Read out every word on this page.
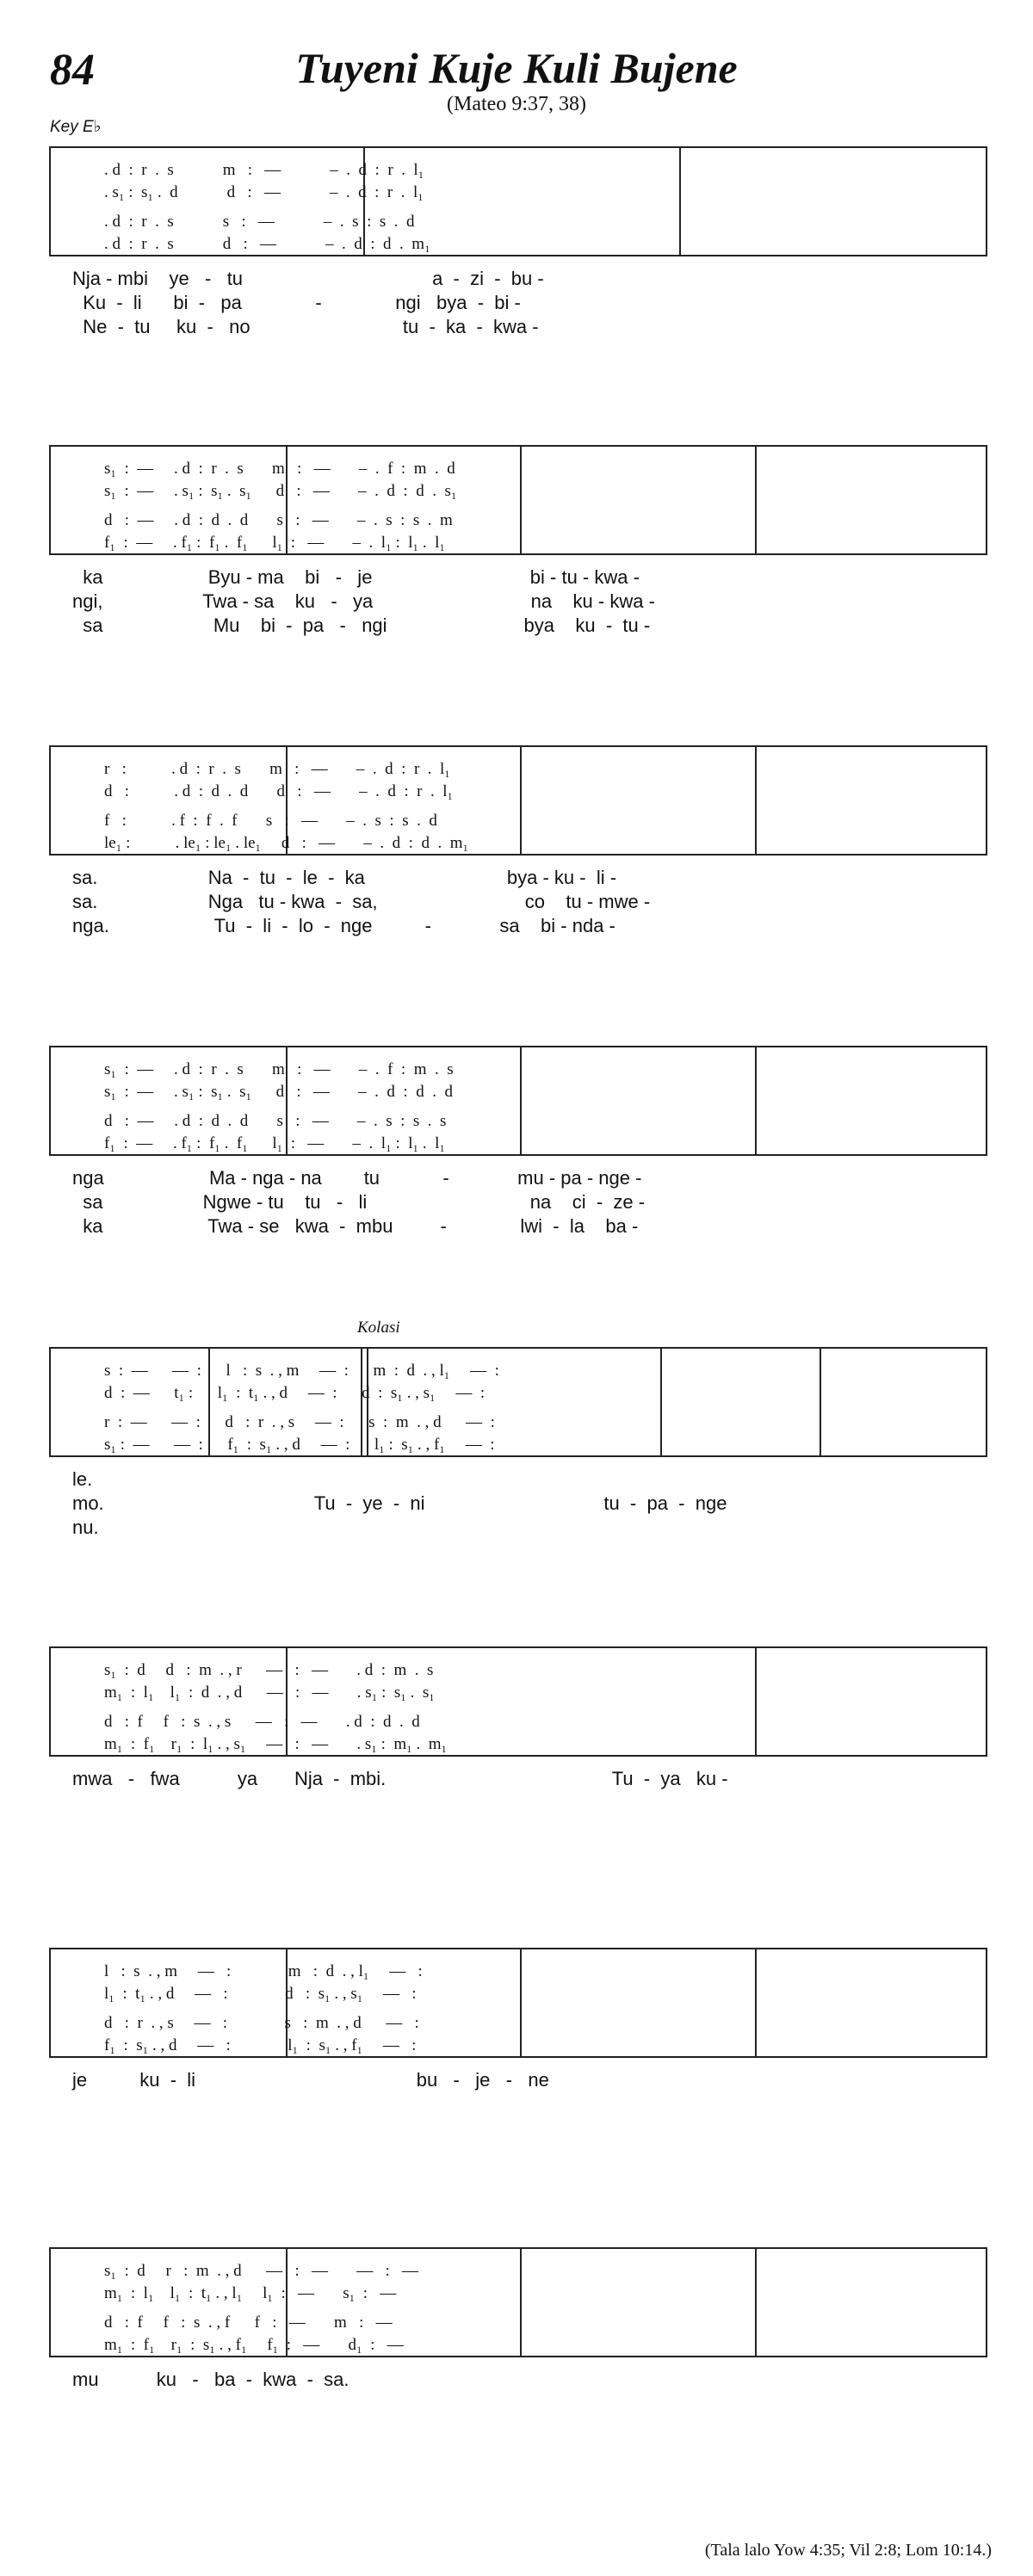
84	Tuyeni Kuje Kuli Bujene
(Mateo 9:37, 38)
Key E♭
Kolasi
(Tala lalo Yow 4:35; Vil 2:8; Lom 10:14.)
. d  :  r  .  s            m   :   —            –  .  d  :  r  .  l₁
. s₁ :  s₁ .  d            d   :   —            –  .  d  :  r  .  l₁
. d  :  r  .  s            s   :   —            –  .  s  :  s  .  d
. d  :  r  .  s            d   :   —            –  .  d  :  d  .  m₁
Nja - mbi    ye   -   tu                                    a  -  zi  -  bu -
Ku  -  li      bi  -   pa              -              ngi   bya  -  bi -
Ne  -  tu     ku  -   no                             tu  -  ka  -  kwa -
s₁  :  —     . d  :  r  .  s       m   :   —       –  .  f  :  m  .  d
s₁  :  —     . s₁ :  s₁ .  s₁      d   :   —       –  .  d  :  d  .  s₁
d   :  —     . d  :  d  .  d       s   :   —       –  .  s  :  s  .  m
f₁  :  —     . f₁ :  f₁ .  f₁      l₁  :   —       –  .  l₁ :  l₁ .  l₁
ka                    Byu - ma    bi   -   je                              bi - tu - kwa -
ngi,                   Twa - sa    ku   -   ya                              na    ku - kwa -
sa                     Mu    bi  -  pa   -   ngi                          bya    ku  -  tu -
r   :           . d  :  r  .  s       m   :   —       –  .  d  :  r  .  l₁
d   :           . d  :  d  .  d       d   :   —       –  .  d  :  r  .  l₁
f   :           . f  :  f  .  f       s   :   —       –  .  s  :  s  .  d
le₁ :           . le₁ : le₁ . le₁     d   :   —       –  .  d  :  d  .  m₁
sa.                     Na  -  tu  -  le  -  ka                           bya - ku -  li -
sa.                     Nga   tu - kwa  -  sa,                            co    tu - mwe -
nga.                    Tu  -  li  -  lo  -  nge          -             sa    bi - nda -
s₁  :  —     . d  :  r  .  s       m   :   —       –  .  f  :  m  .  s
s₁  :  —     . s₁ :  s₁ .  s₁      d   :   —       –  .  d  :  d  .  d
d   :  —     . d  :  d  .  d       s   :   —       –  .  s  :  s  .  s
f₁  :  —     . f₁ :  f₁ .  f₁      l₁  :   —       –  .  l₁ :  l₁ .  l₁
nga                    Ma - nga - na        tu            -             mu - pa - nge -
sa                   Ngwe - tu    tu   -   li                               na    ci  -  ze -
ka                    Twa - se   kwa  -  mbu         -              lwi  -  la    ba -
s  :  —      —  :      l   :  s  . , m     —  :      m  :  d  . , l₁     —  :
d  :  —      t₁ :      l₁  :  t₁ . , d     —  :      d  :  s₁ . , s₁     —  :
r  :  —      —  :      d   :  r  . , s     —  :      s  :  m  . , d      —  :
s₁ :  —      —  :      f₁  :  s₁ . , d     —  :      l₁ :  s₁ . , f₁     —  :
le.
mo.                                        Tu  -  ye  -  ni                                  tu  -  pa  -  nge
nu.
s₁  :  d     d   :  m  . , r      —   :   —       . d  :  m  .  s
m₁  :  l₁    l₁  :  d  . , d      —   :   —       . s₁ :  s₁ .  s₁
d   :  f     f   :  s  . , s      —   :   —       . d  :  d  .  d
m₁  :  f₁    r₁  :  l₁ . , s₁     —   :   —       . s₁ :  m₁ .  m₁
mwa   -   fwa           ya       Nja  -  mbi.                                           Tu  -  ya   ku -
l   :  s  . , m     —   :              m   :  d  . , l₁     —   :
l₁  :  t₁ . , d     —   :              d   :  s₁ . , s₁     —   :
d   :  r  . , s     —   :              s   :  m  . , d      —   :
f₁  :  s₁ . , d     —   :              l₁  :  s₁ . , f₁     —   :
je          ku  -  li                                          bu   -   je   -   ne
s₁  :  d     r   :  m  . , d      —   :   —       —   :   —
m₁  :  l₁    l₁  :  t₁ . , l₁     l₁  :   —       s₁  :   —
d   :  f     f   :  s  . , f      f   :   —       m   :   —
m₁  :  f₁    r₁  :  s₁ . , f₁     f₁  :   —       d₁  :   —
mu           ku   -   ba  -  kwa  -  sa.
